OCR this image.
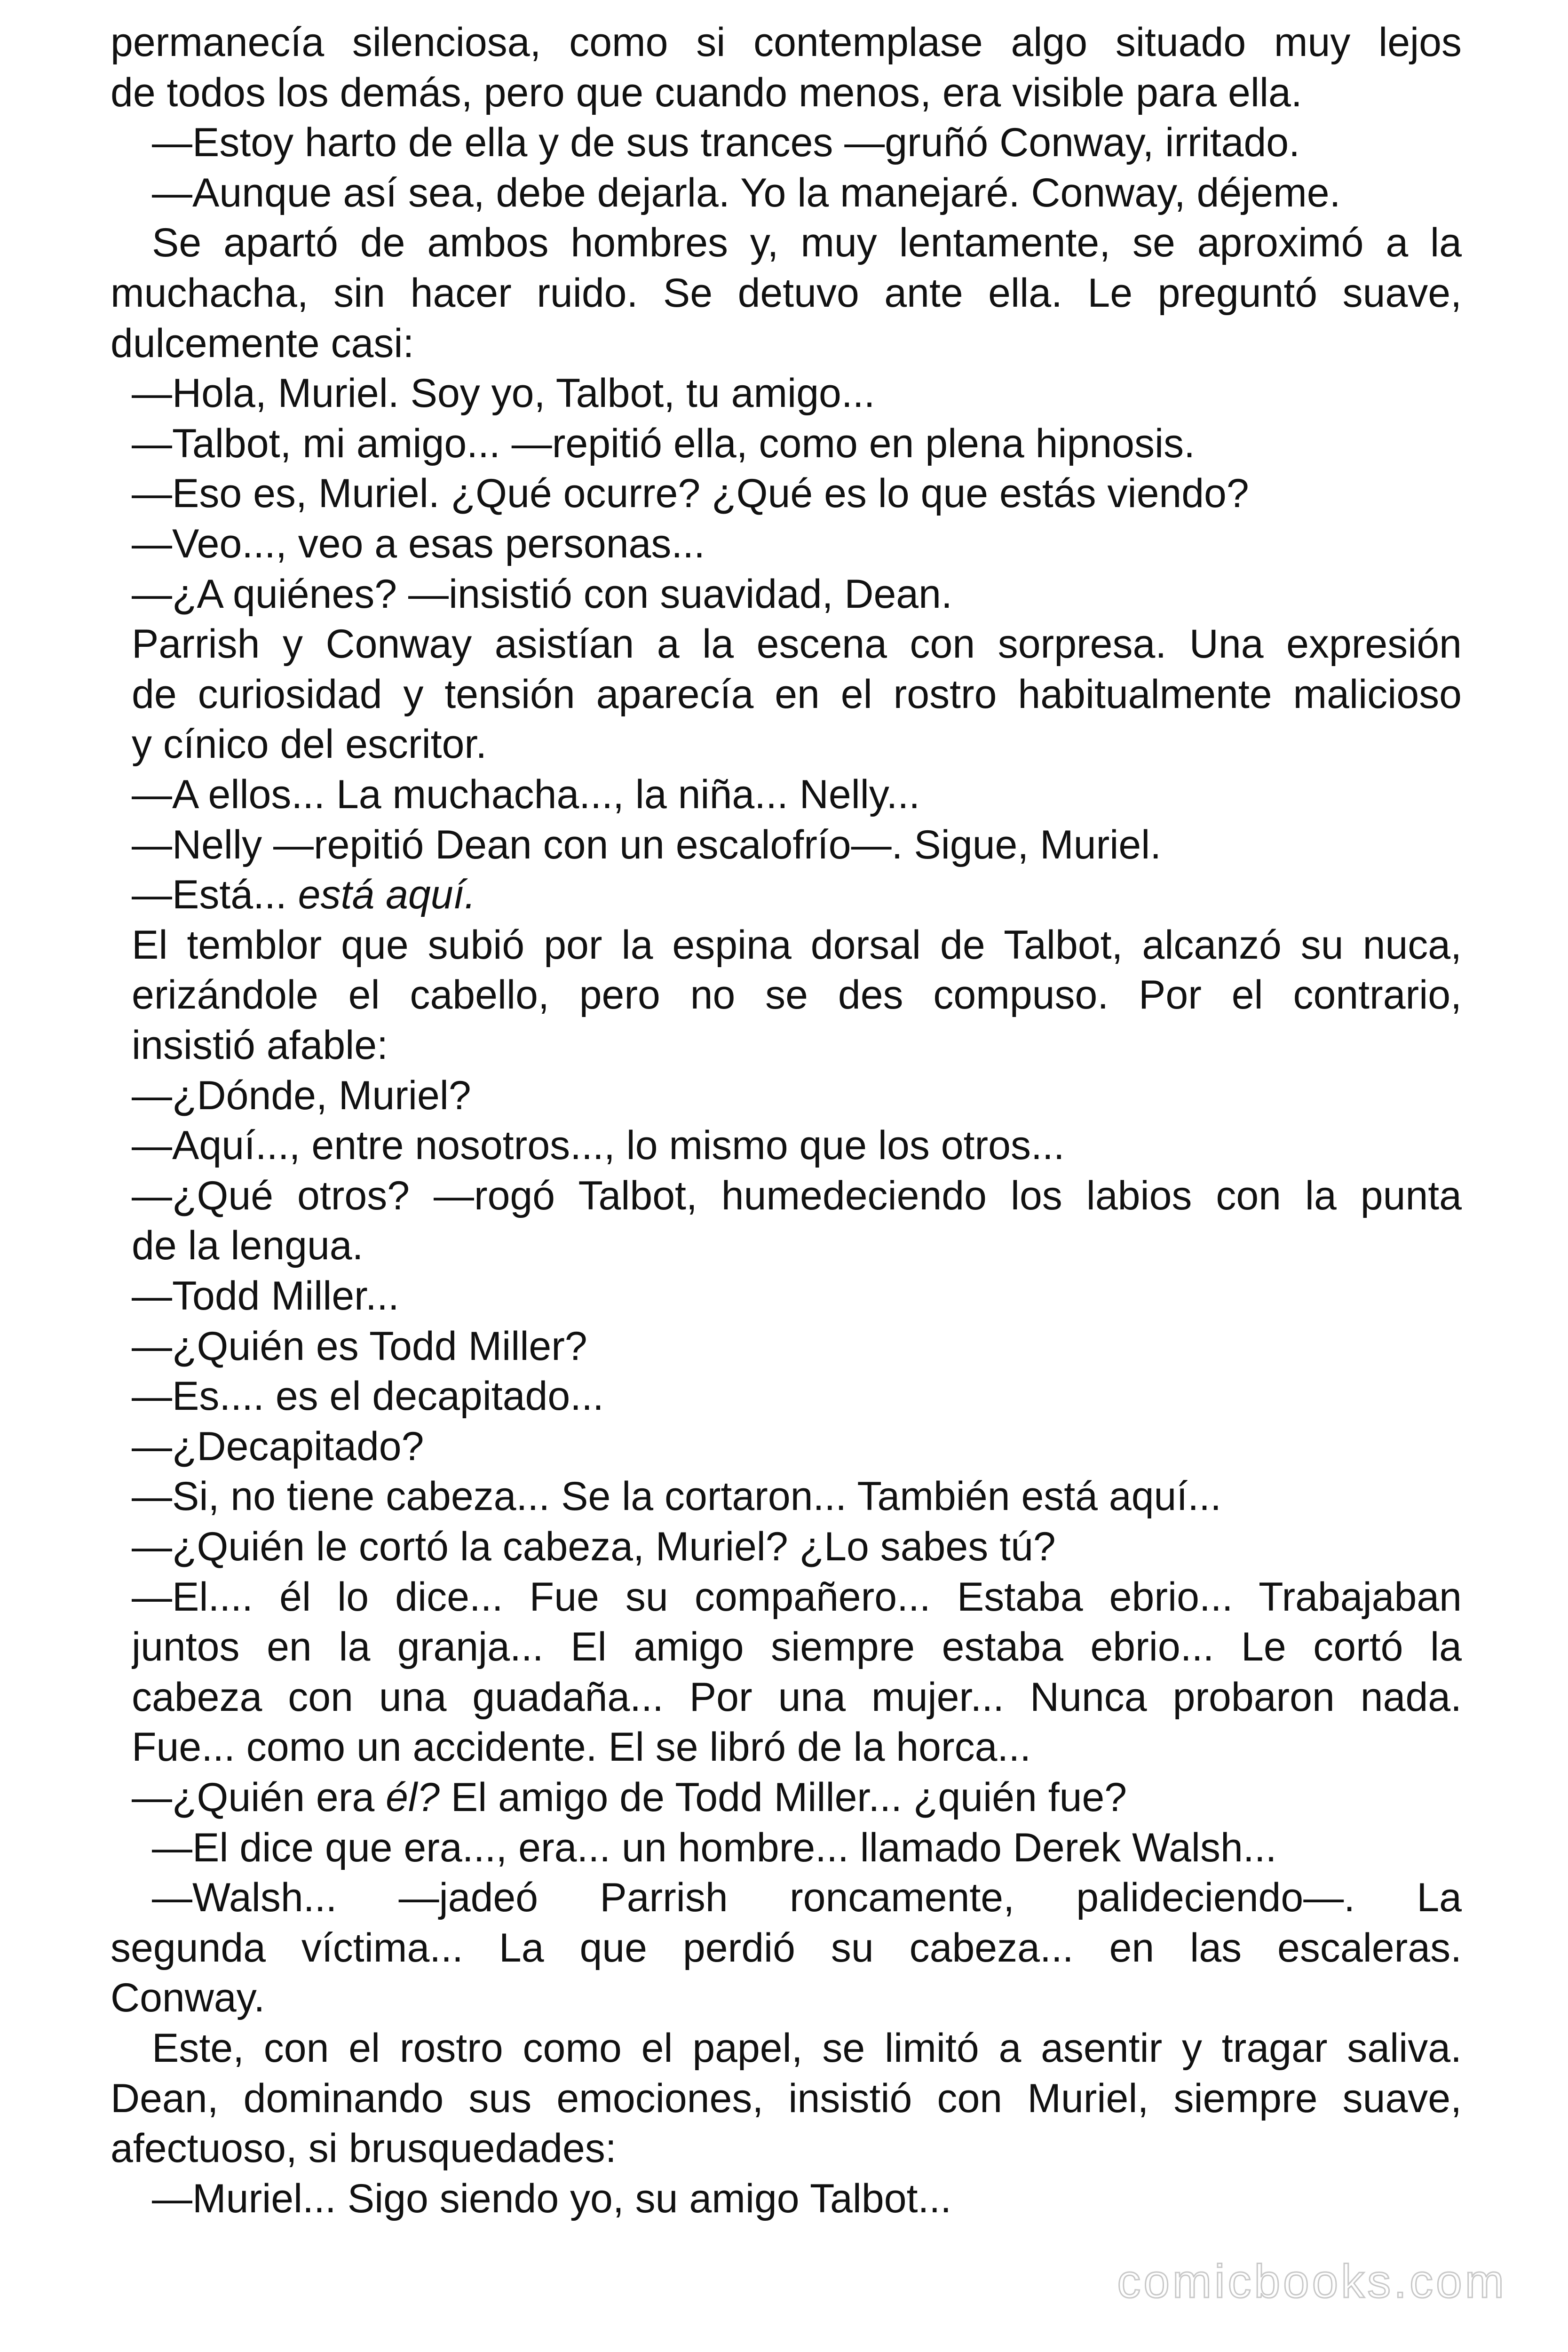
permanecía silenciosa, como si contemplase algo situado muy lejos
de todos los demás, pero que cuando menos, era visible para ella.
—Estoy harto de ella y de sus trances —gruñó Conway, irritado.
—Aunque así sea, debe dejarla. Yo la manejaré. Conway, déjeme.
Se apartó de ambos hombres y, muy lentamente, se aproximó a la
muchacha, sin hacer ruido. Se detuvo ante ella. Le preguntó suave,
dulcemente casi:
—Hola, Muriel. Soy yo, Talbot, tu amigo...
—Talbot, mi amigo... —repitió ella, como en plena hipnosis.
—Eso es, Muriel. ¿Qué ocurre? ¿Qué es lo que estás viendo?
—Veo..., veo a esas personas...
—¿A quiénes? —insistió con suavidad, Dean.
Parrish y Conway asistían a la escena con sorpresa. Una expresión
de curiosidad y tensión aparecía en el rostro habitualmente malicioso
y cínico del escritor.
—A ellos... La muchacha..., la niña... Nelly...
—Nelly —repitió Dean con un escalofrío—. Sigue, Muriel.
—Está... está aquí.
El temblor que subió por la espina dorsal de Talbot, alcanzó su nuca,
erizándole el cabello, pero no se des compuso. Por el contrario,
insistió afable:
—¿Dónde, Muriel?
—Aquí..., entre nosotros..., lo mismo que los otros...
—¿Qué otros? —rogó Talbot, humedeciendo los labios con la punta
de la lengua.
—Todd Miller...
—¿Quién es Todd Miller?
—Es.... es el decapitado...
—¿Decapitado?
—Si, no tiene cabeza... Se la cortaron... También está aquí...
—¿Quién le cortó la cabeza, Muriel? ¿Lo sabes tú?
—El.... él lo dice... Fue su compañero... Estaba ebrio... Trabajaban
juntos en la granja... El amigo siempre estaba ebrio... Le cortó la
cabeza con una guadaña... Por una mujer... Nunca probaron nada.
Fue... como un accidente. El se libró de la horca...
—¿Quién era él? El amigo de Todd Miller... ¿quién fue?
—El dice que era..., era... un hombre... llamado Derek Walsh...
—Walsh... —jadeó Parrish roncamente, palideciendo—. La
segunda víctima... La que perdió su cabeza... en las escaleras.
Conway.
Este, con el rostro como el papel, se limitó a asentir y tragar saliva.
Dean, dominando sus emociones, insistió con Muriel, siempre suave,
afectuoso, si brusquedades:
—Muriel... Sigo siendo yo, su amigo Talbot...
comicbooks.com
